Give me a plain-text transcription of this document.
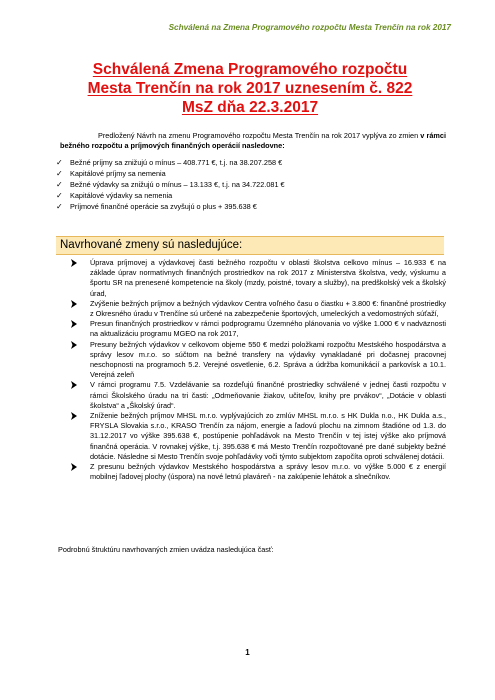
Schválená na Zmena Programového rozpočtu Mesta Trenčín na rok 2017
Schválená Zmena Programového rozpočtu
Mesta Trenčín na rok 2017 uznesením č. 822
MsZ dňa 22.3.2017
Predložený Návrh na zmenu Programového rozpočtu Mesta Trenčín na rok 2017 vyplýva zo zmien v rámci bežného rozpočtu a príjmových finančných operácií nasledovne:
✓ Bežné príjmy sa znižujú o mínus – 408.771 €, t.j. na 38.207.258 €
✓ Kapitálové príjmy sa nemenia
✓ Bežné výdavky sa znižujú o mínus – 13.133 €, t.j. na 34.722.081 €
✓ Kapitálové výdavky sa nemenia
✓ Príjmové finančné operácie sa zvyšujú o plus + 395.638 €
Navrhované zmeny sú nasledujúce:
Úprava príjmovej a výdavkovej časti bežného rozpočtu v oblasti školstva celkovo mínus – 16.933 € na základe úprav normatívnych finančných prostriedkov na rok 2017 z Ministerstva školstva, vedy, výskumu a športu SR na prenesené kompetencie na školy (mzdy, poistné, tovary a služby), na predškolský vek a školský úrad,
Zvýšenie bežných príjmov a bežných výdavkov Centra voľného času o čiastku + 3.800 €: finančné prostriedky z Okresného úradu v Trenčíne sú určené na zabezpečenie športových, umeleckých a vedomostných súťaží,
Presun finančných prostriedkov v rámci podprogramu Územného plánovania vo výške 1.000 € v nadväznosti na aktualizáciu programu MGEO na rok 2017,
Presuny bežných výdavkov v celkovom objeme 550 € medzi položkami rozpočtu Mestského hospodárstva a správy lesov m.r.o. so súčtom na bežné transfery na výdavky vynakladané pri dočasnej pracovnej neschopnosti na programoch 5.2. Verejné osvetlenie, 6.2. Správa a údržba komunikácií a parkovísk a 10.1. Verejná zeleň
V rámci programu 7.5. Vzdelávanie sa rozdeľujú finančné prostriedky schválené v jednej časti rozpočtu v rámci Školského úradu na tri časti: „Odmeňovanie žiakov, učiteľov, knihy pre prvákov“, „Dotácie v oblasti školstva“ a „Školský úrad“.
Zníženie bežných príjmov MHSL m.r.o. vyplývajúcich zo zmlúv MHSL m.r.o. s HK Dukla n.o., HK Dukla a.s., FRYSLA Slovakia s.r.o., KRASO Trenčín za nájom, energie a ľadovú plochu na zimnom štadióne od 1.3. do 31.12.2017 vo výške 395.638 €, postúpenie pohľadávok na Mesto Trenčín v tej istej výške ako príjmová finančná operácia. V rovnakej výške, t.j. 395.638 € má Mesto Trenčín rozpočtované pre dané subjekty bežné dotácie. Následne si Mesto Trenčín svoje pohľadávky voči týmto subjektom započíta oproti schválenej dotácii.
Z presunu bežných výdavkov Mestského hospodárstva a správy lesov m.r.o. vo výške 5.000 € z energií mobilnej ľadovej plochy (úspora) na nové letnú plaváreň - na zakúpenie lehátok a slnečníkov.
Podrobnú štruktúru navrhovaných zmien uvádza nasledujúca časť:
1
